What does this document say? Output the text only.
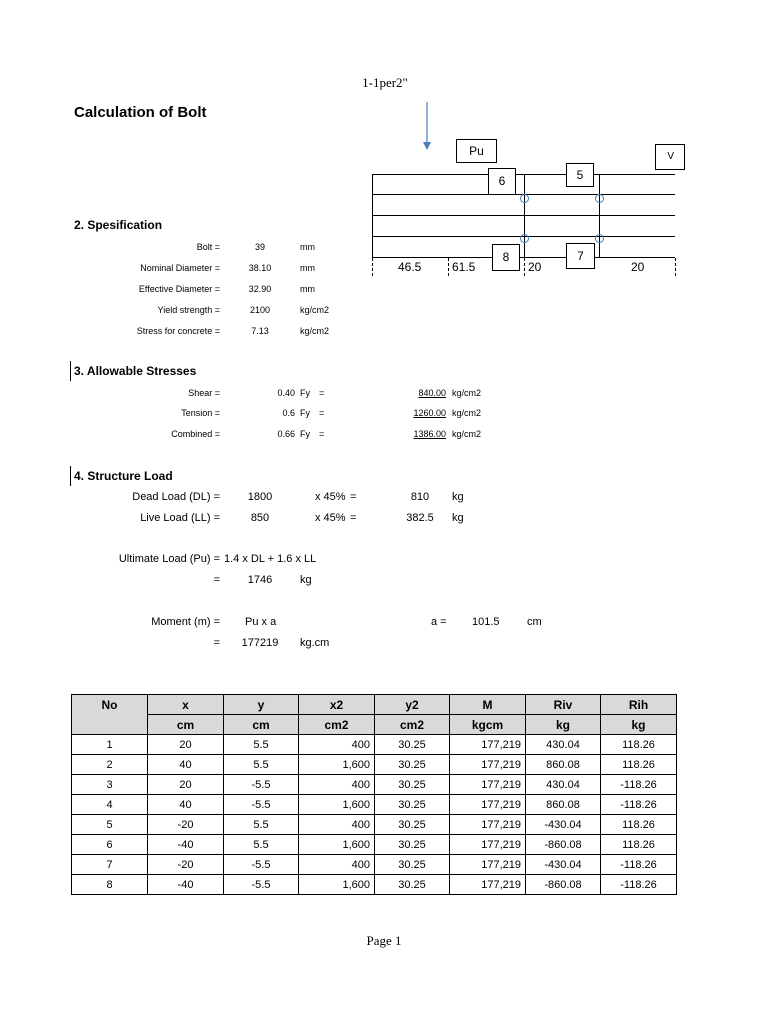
1-1per2"
Calculation of Bolt
Pu	V
6	5
8	7
46.5	61.5	20	20
2. Spesification
Bolt =	39	mm
Nominal Diameter =	38.10	mm
Effective Diameter =	32.90	mm
Yield strength =	2100	kg/cm2
Stress for concrete =	7.13	kg/cm2
3. Allowable Stresses
Shear =	0.40 Fy =	840.00 kg/cm2
Tension =	0.6 Fy =	1260.00 kg/cm2
Combined =	0.66 Fy =	1386.00 kg/cm2
4. Structure Load
Dead Load (DL) =	1800	x 45% =	810	kg
Live Load (LL) =	850	x 45% =	382.5	kg
Ultimate Load (Pu) = 1.4 x DL + 1.6 x LL
=	1746	kg
Moment (m) = Pu x a	a = 101.5 cm
=	177219	kg.cm
No	x	y	x2	y2	M	Riv	Rih
	cm	cm	cm2	cm2	kgcm	kg	kg
1	20	5.5	400	30.25	177,219	430.04	118.26
2	40	5.5	1,600	30.25	177,219	860.08	118.26
3	20	-5.5	400	30.25	177,219	430.04	-118.26
4	40	-5.5	1,600	30.25	177,219	860.08	-118.26
5	-20	5.5	400	30.25	177,219	-430.04	118.26
6	-40	5.5	1,600	30.25	177,219	-860.08	118.26
7	-20	-5.5	400	30.25	177,219	-430.04	-118.26
8	-40	-5.5	1,600	30.25	177,219	-860.08	-118.26
Page 1
